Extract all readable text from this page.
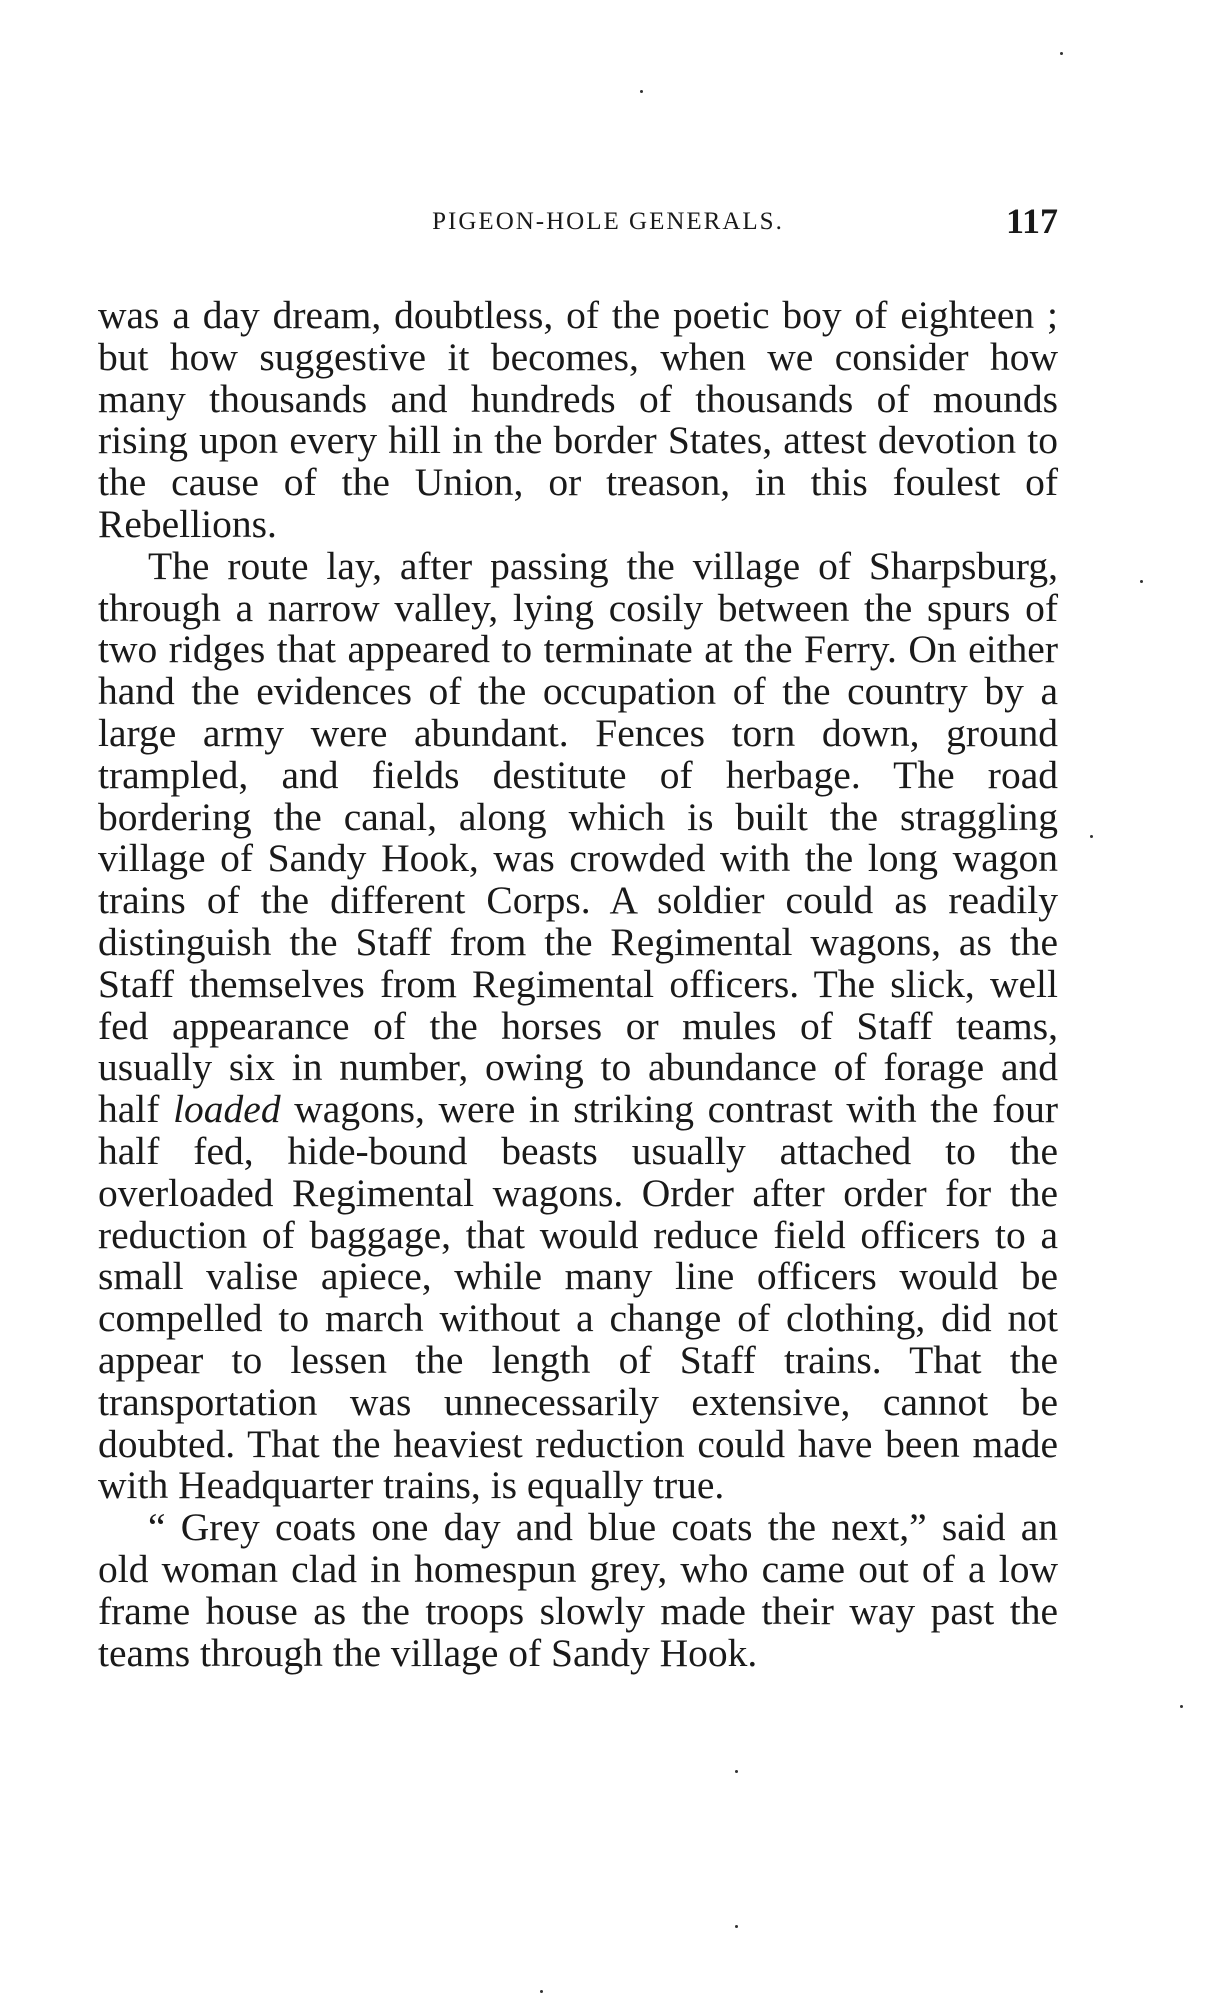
PIGEON-HOLE GENERALS.	117

was a day dream, doubtless, of the poetic boy of eighteen ; but how suggestive it becomes, when we consider how many thousands and hundreds of thousands of mounds rising upon every hill in the border States, attest devotion to the cause of the Union, or treason, in this foulest of Rebellions.

The route lay, after passing the village of Sharpsburg, through a narrow valley, lying cosily between the spurs of two ridges that appeared to terminate at the Ferry. On either hand the evidences of the occupation of the country by a large army were abundant. Fences torn down, ground trampled, and fields destitute of herbage. The road bordering the canal, along which is built the straggling village of Sandy Hook, was crowded with the long wagon trains of the different Corps. A soldier could as readily distinguish the Staff from the Regimental wagons, as the Staff themselves from Regimental officers. The slick, well fed appearance of the horses or mules of Staff teams, usually six in number, owing to abundance of forage and half loaded wagons, were in striking contrast with the four half fed, hide-bound beasts usually attached to the overloaded Regimental wagons. Order after order for the reduction of baggage, that would reduce field officers to a small valise apiece, while many line officers would be compelled to march without a change of clothing, did not appear to lessen the length of Staff trains. That the transportation was unnecessarily extensive, cannot be doubted. That the heaviest reduction could have been made with Headquarter trains, is equally true.

“ Grey coats one day and blue coats the next,” said an old woman clad in homespun grey, who came out of a low frame house as the troops slowly made their way past the teams through the village of Sandy Hook.
